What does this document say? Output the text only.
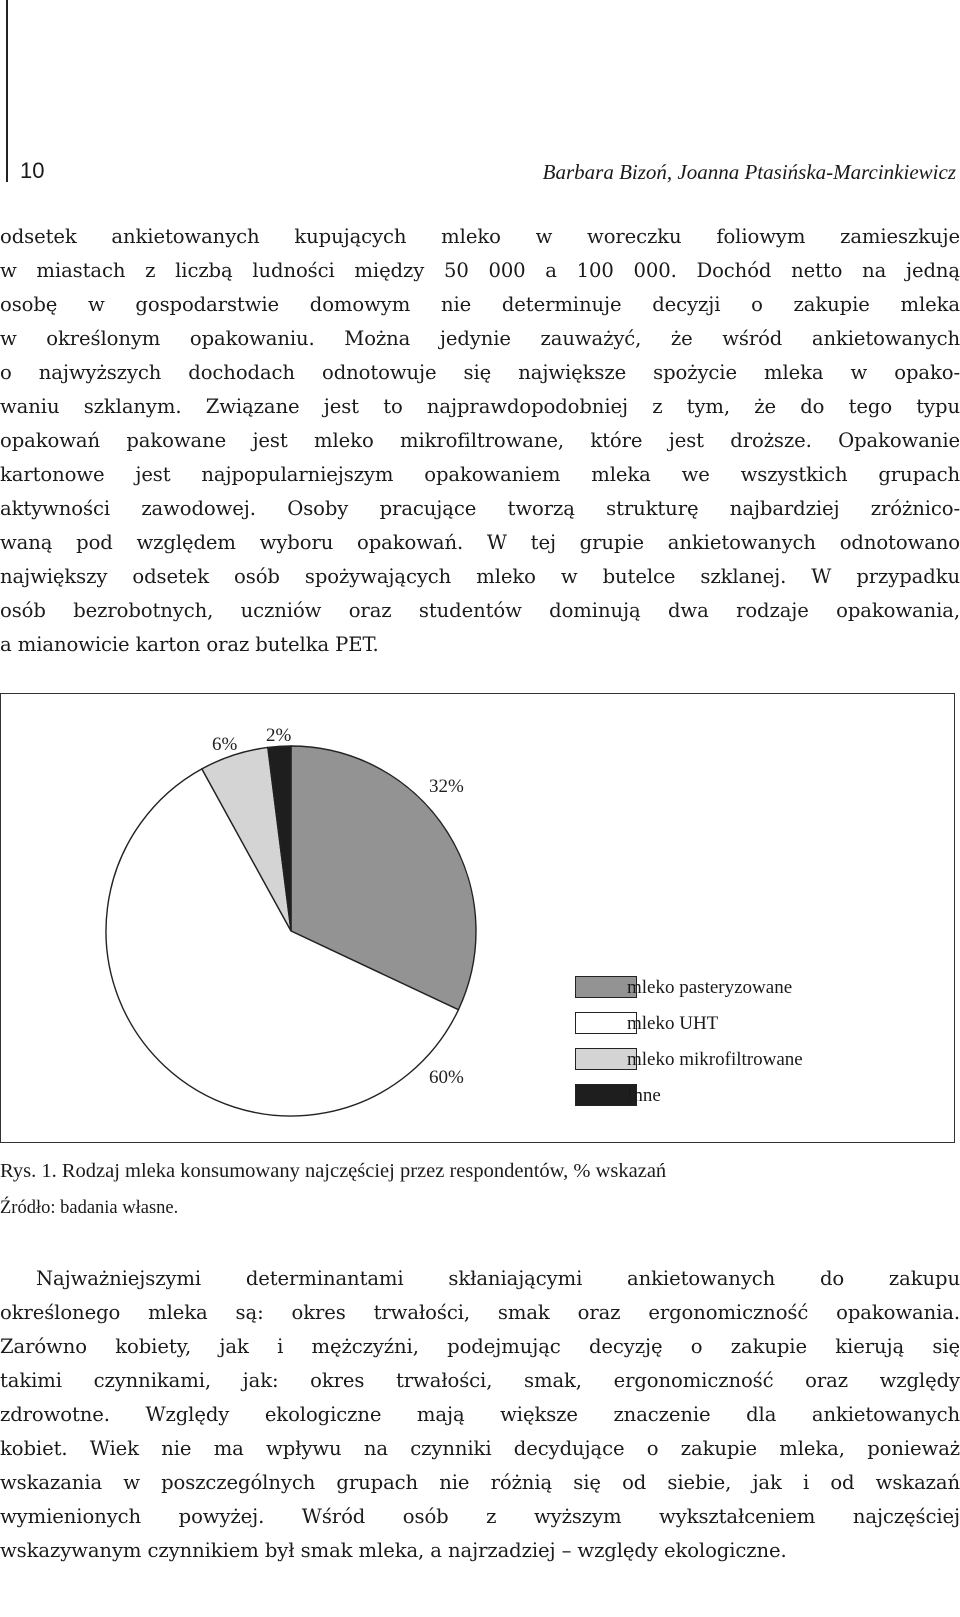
10	Barbara Bizoń, Joanna Ptasińska-Marcinkiewicz
odsetek ankietowanych kupujących mleko w woreczku foliowym zamieszkuje
w miastach z liczbą ludności między 50 000 a 100 000. Dochód netto na jedną
osobę w gospodarstwie domowym nie determinuje decyzji o zakupie mleka
w określonym opakowaniu. Można jedynie zauważyć, że wśród ankietowanych
o najwyższych dochodach odnotowuje się największe spożycie mleka w opako-
waniu szklanym. Związane jest to najprawdopodobniej z tym, że do tego typu
opakowań pakowane jest mleko mikrofiltrowane, które jest droższe. Opakowanie
kartonowe jest najpopularniejszym opakowaniem mleka we wszystkich grupach
aktywności zawodowej. Osoby pracujące tworzą strukturę najbardziej zróżnico-
waną pod względem wyboru opakowań. W tej grupie ankietowanych odnotowano
największy odsetek osób spożywających mleko w butelce szklanej. W przypadku
osób bezrobotnych, uczniów oraz studentów dominują dwa rodzaje opakowania,
a mianowicie karton oraz butelka PET.
32%
60%
6% 2%
mleko pasteryzowane
mleko UHT
mleko mikrofiltrowane
Inne
Rys. 1. Rodzaj mleka konsumowany najczęściej przez respondentów, % wskazań
Źródło: badania własne.
Najważniejszymi determinantami skłaniającymi ankietowanych do zakupu
określonego mleka są: okres trwałości, smak oraz ergonomiczność opakowania.
Zarówno kobiety, jak i mężczyźni, podejmując decyzję o zakupie kierują się
takimi czynnikami, jak: okres trwałości, smak, ergonomiczność oraz względy
zdrowotne. Względy ekologiczne mają większe znaczenie dla ankietowanych
kobiet. Wiek nie ma wpływu na czynniki decydujące o zakupie mleka, ponieważ
wskazania w poszczególnych grupach nie różnią się od siebie, jak i od wskazań
wymienionych powyżej. Wśród osób z wyższym wykształceniem najczęściej
wskazywanym czynnikiem był smak mleka, a najrzadziej – względy ekologiczne.
